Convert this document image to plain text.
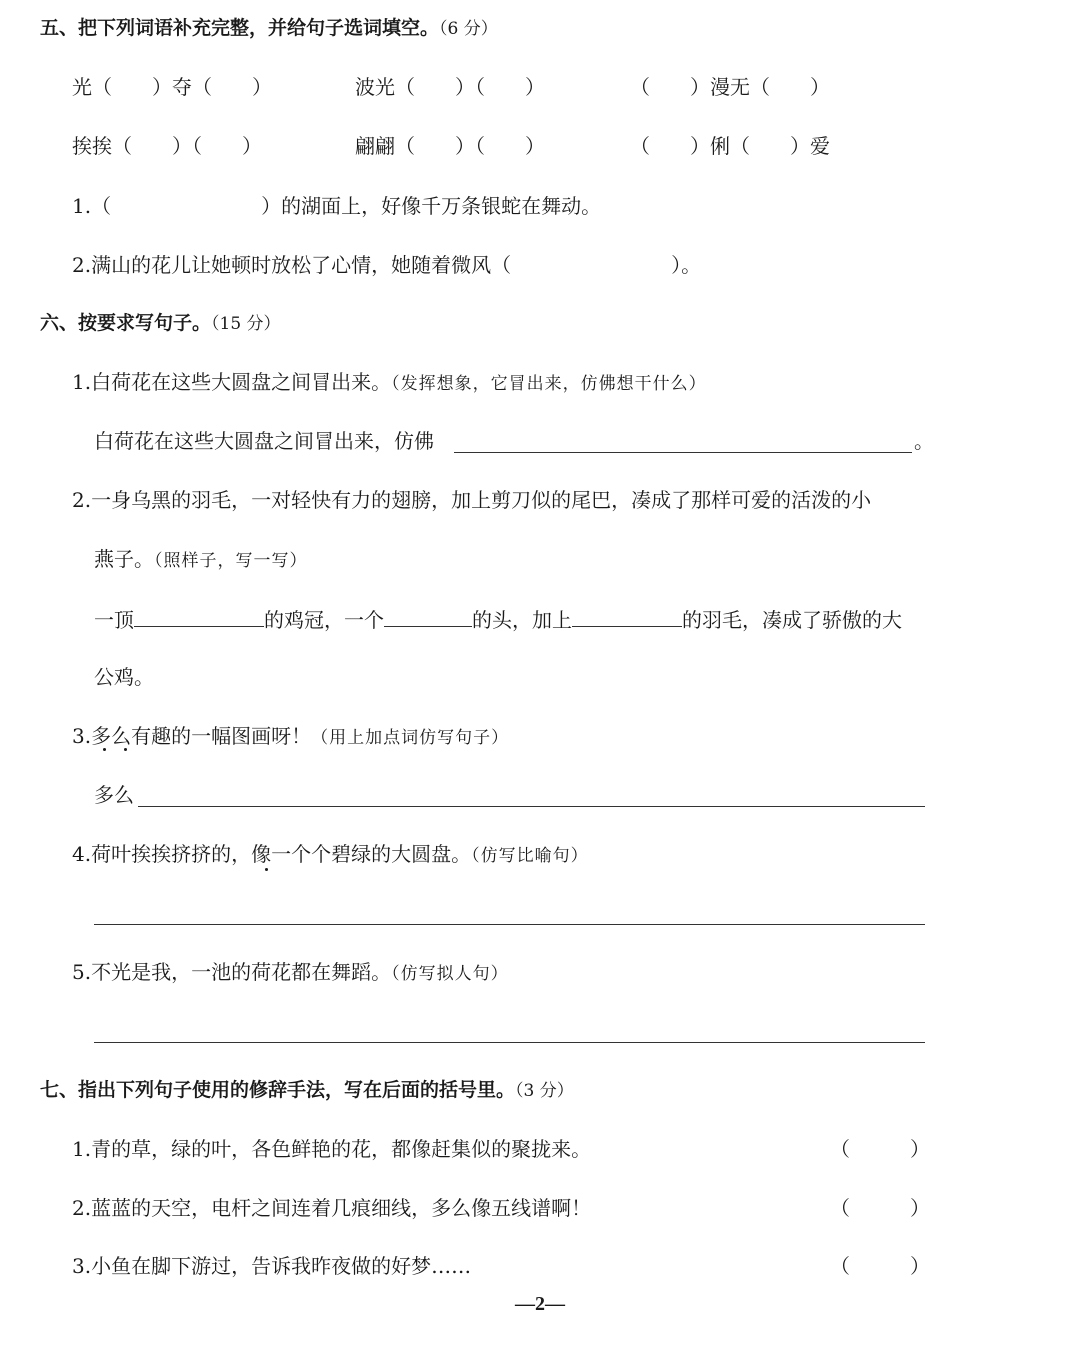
五、把下列词语补充完整，并给句子选词填空。（6 分）
光（　　）夺（　　）	波光（　　）（　　）	（　　）漫无（　　）
挨挨（　　）（　　）	翩翩（　　）（　　）	（　　）俐（　　）爱
1.（	）的湖面上，好像千万条银蛇在舞动。
2.满山的花儿让她顿时放松了心情，她随着微风（	）。
六、按要求写句子。（15 分）
1.白荷花在这些大圆盘之间冒出来。（发挥想象，它冒出来，仿佛想干什么）
白荷花在这些大圆盘之间冒出来，仿佛	。
2.一身乌黑的羽毛，一对轻快有力的翅膀，加上剪刀似的尾巴，凑成了那样可爱的活泼的小
燕子。（照样子，写一写）
一顶	的鸡冠，一个	的头，加上	的羽毛，凑成了骄傲的大
公鸡。
3.多么有趣的一幅图画呀！（用上加点词仿写句子）
多么
4.荷叶挨挨挤挤的，像一个个碧绿的大圆盘。（仿写比喻句）
5.不光是我，一池的荷花都在舞蹈。（仿写拟人句）
七、指出下列句子使用的修辞手法，写在后面的括号里。（3 分）
1.青的草，绿的叶，各色鲜艳的花，都像赶集似的聚拢来。	（　　　）
2.蓝蓝的天空，电杆之间连着几痕细线，多么像五线谱啊！	（　　　）
3.小鱼在脚下游过，告诉我昨夜做的好梦……	（　　　）
—2—
